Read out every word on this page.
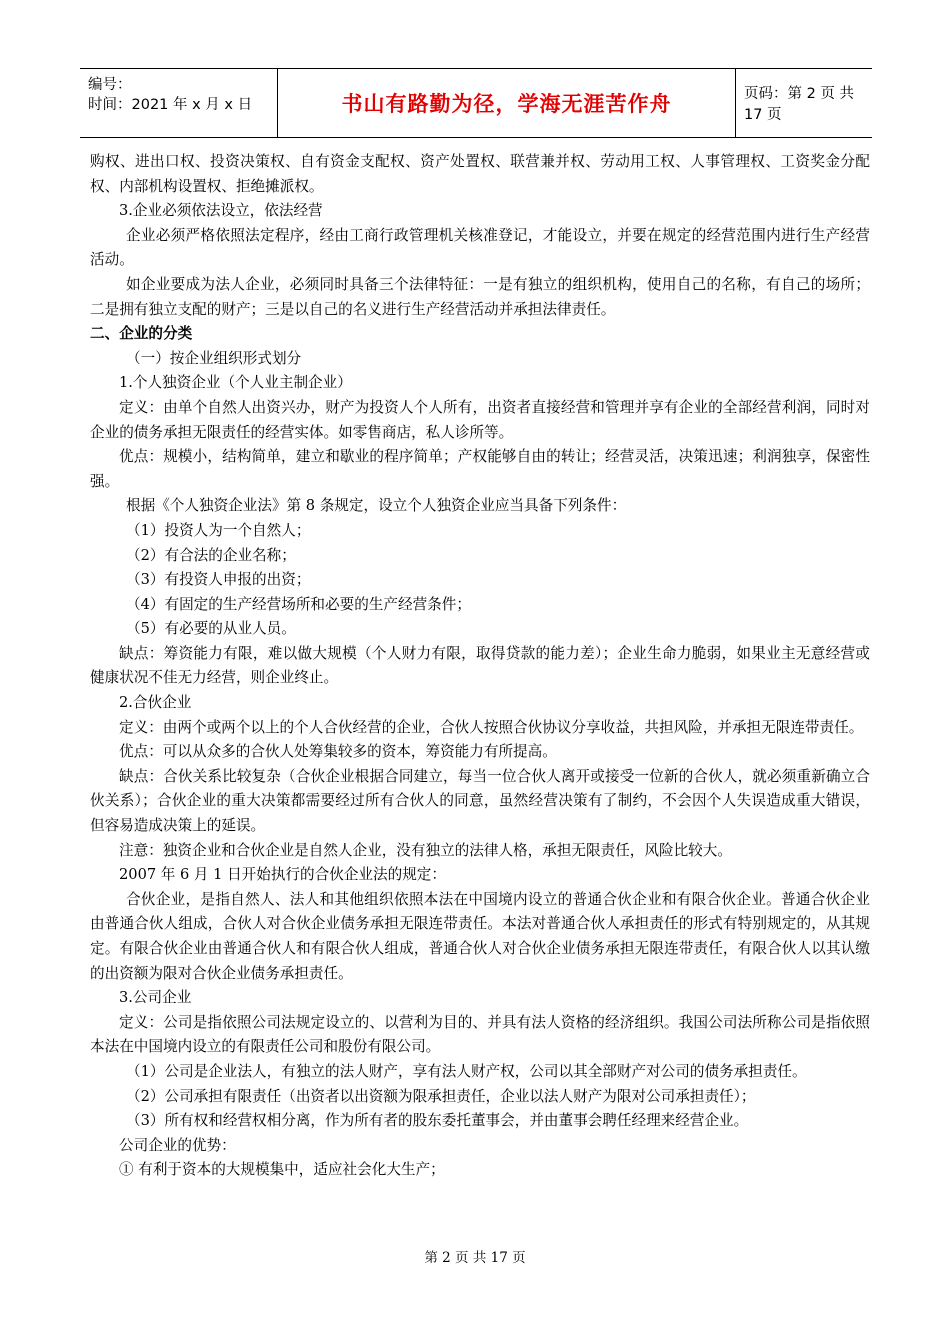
编号：
时间：2021 年 x 月 x 日	书山有路勤为径，学海无涯苦作舟	页码：第 2 页 共 17 页

购权、进出口权、投资决策权、自有资金支配权、资产处置权、联营兼并权、劳动用工权、人事管理权、工资奖金分配权、内部机构设置权、拒绝摊派权。

3.企业必须依法设立，依法经营

企业必须严格依照法定程序，经由工商行政管理机关核准登记，才能设立，并要在规定的经营范围内进行生产经营活动。

如企业要成为法人企业，必须同时具备三个法律特征：一是有独立的组织机构，使用自己的名称，有自己的场所；二是拥有独立支配的财产；三是以自己的名义进行生产经营活动并承担法律责任。

二、企业的分类

（一）按企业组织形式划分

1.个人独资企业（个人业主制企业）

定义：由单个自然人出资兴办，财产为投资人个人所有，出资者直接经营和管理并享有企业的全部经营利润，同时对企业的债务承担无限责任的经营实体。如零售商店，私人诊所等。

优点：规模小，结构简单，建立和歇业的程序简单；产权能够自由的转让；经营灵活，决策迅速；利润独享，保密性强。

根据《个人独资企业法》第 8 条规定，设立个人独资企业应当具备下列条件：

（1）投资人为一个自然人；

（2）有合法的企业名称；

（3）有投资人申报的出资；

（4）有固定的生产经营场所和必要的生产经营条件；

（5）有必要的从业人员。

缺点：筹资能力有限，难以做大规模（个人财力有限，取得贷款的能力差）；企业生命力脆弱，如果业主无意经营或健康状况不佳无力经营，则企业终止。

2.合伙企业

定义：由两个或两个以上的个人合伙经营的企业，合伙人按照合伙协议分享收益，共担风险，并承担无限连带责任。

优点：可以从众多的合伙人处筹集较多的资本，筹资能力有所提高。

缺点：合伙关系比较复杂（合伙企业根据合同建立，每当一位合伙人离开或接受一位新的合伙人，就必须重新确立合伙关系）；合伙企业的重大决策都需要经过所有合伙人的同意，虽然经营决策有了制约，不会因个人失误造成重大错误，但容易造成决策上的延误。

注意：独资企业和合伙企业是自然人企业，没有独立的法律人格，承担无限责任，风险比较大。

2007 年 6 月 1 日开始执行的合伙企业法的规定：

合伙企业，是指自然人、法人和其他组织依照本法在中国境内设立的普通合伙企业和有限合伙企业。普通合伙企业由普通合伙人组成，合伙人对合伙企业债务承担无限连带责任。本法对普通合伙人承担责任的形式有特别规定的，从其规定。有限合伙企业由普通合伙人和有限合伙人组成，普通合伙人对合伙企业债务承担无限连带责任，有限合伙人以其认缴的出资额为限对合伙企业债务承担责任。

3.公司企业

定义：公司是指依照公司法规定设立的、以营利为目的、并具有法人资格的经济组织。我国公司法所称公司是指依照本法在中国境内设立的有限责任公司和股份有限公司。

（1）公司是企业法人，有独立的法人财产，享有法人财产权，公司以其全部财产对公司的债务承担责任。

（2）公司承担有限责任（出资者以出资额为限承担责任，企业以法人财产为限对公司承担责任）；

（3）所有权和经营权相分离，作为所有者的股东委托董事会，并由董事会聘任经理来经营企业。

公司企业的优势：

① 有利于资本的大规模集中，适应社会化大生产；

第 2 页 共 17 页
